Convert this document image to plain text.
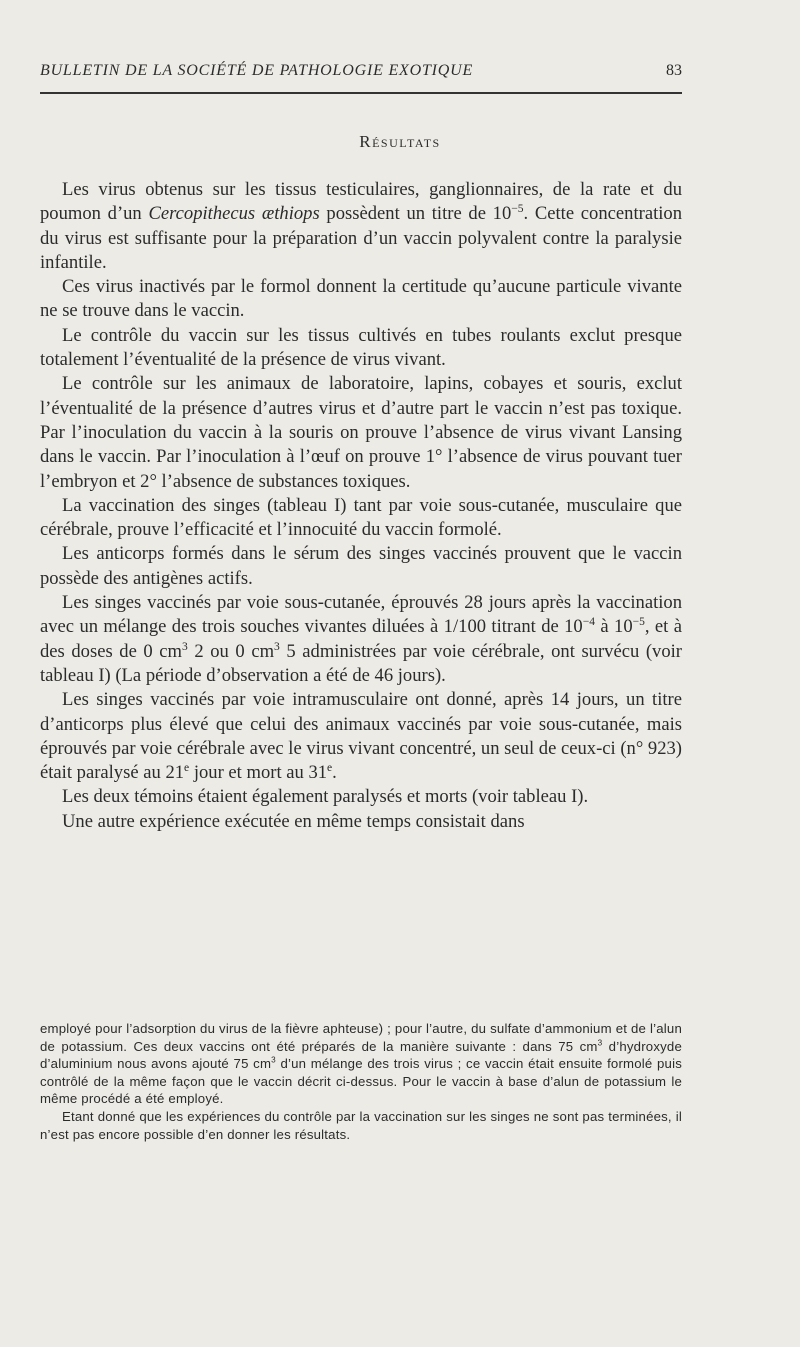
BULLETIN DE LA SOCIÉTÉ DE PATHOLOGIE EXOTIQUE	83
Résultats

Les virus obtenus sur les tissus testiculaires, ganglionnaires, de la rate et du poumon d’un Cercopithecus æthiops possèdent un titre de $10^{-5}$. Cette concentration du virus est suffisante pour la préparation d’un vaccin polyvalent contre la paralysie infantile.

Ces virus inactivés par le formol donnent la certitude qu’aucune particule vivante ne se trouve dans le vaccin.

Le contrôle du vaccin sur les tissus cultivés en tubes roulants exclut presque totalement l’éventualité de la présence de virus vivant.

Le contrôle sur les animaux de laboratoire, lapins, cobayes et souris, exclut l’éventualité de la présence d’autres virus et d’autre part le vaccin n’est pas toxique. Par l’inoculation du vaccin à la souris on prouve l’absence de virus vivant Lansing dans le vaccin. Par l’inoculation à l’œuf on prouve 1° l’absence de virus pouvant tuer l’embryon et 2° l’absence de substances toxiques.

La vaccination des singes (tableau I) tant par voie sous-cutanée, musculaire que cérébrale, prouve l’efficacité et l’innocuité du vaccin formolé.

Les anticorps formés dans le sérum des singes vaccinés prouvent que le vaccin possède des antigènes actifs.

Les singes vaccinés par voie sous-cutanée, éprouvés 28 jours après la vaccination avec un mélange des trois souches vivantes diluées à 1/100 titrant de $10^{-4}$ à $10^{-5}$, et à des doses de 0 $cm^3$ 2 ou 0 $cm^3$ 5 administrées par voie cérébrale, ont survécu (voir tableau I) (La période d’observation a été de 46 jours).

Les singes vaccinés par voie intramusculaire ont donné, après 14 jours, un titre d’anticorps plus élevé que celui des animaux vaccinés par voie sous-cutanée, mais éprouvés par voie cérébrale avec le virus vivant concentré, un seul de ceux-ci (n° 923) était paralysé au 21e jour et mort au 31e.

Les deux témoins étaient également paralysés et morts (voir tableau I).

Une autre expérience exécutée en même temps consistait dans

employé pour l’adsorption du virus de la fièvre aphteuse) ; pour l’autre, du sulfate d’ammonium et de l’alun de potassium. Ces deux vaccins ont été préparés de la manière suivante : dans 75 $cm^3$ d’hydroxyde d’aluminium nous avons ajouté 75 $cm^3$ d’un mélange des trois virus ; ce vaccin était ensuite formolé puis contrôlé de la même façon que le vaccin décrit ci-dessus. Pour le vaccin à base d’alun de potassium le même procédé a été employé.

Etant donné que les expériences du contrôle par la vaccination sur les singes ne sont pas terminées, il n’est pas encore possible d’en donner les résultats.
